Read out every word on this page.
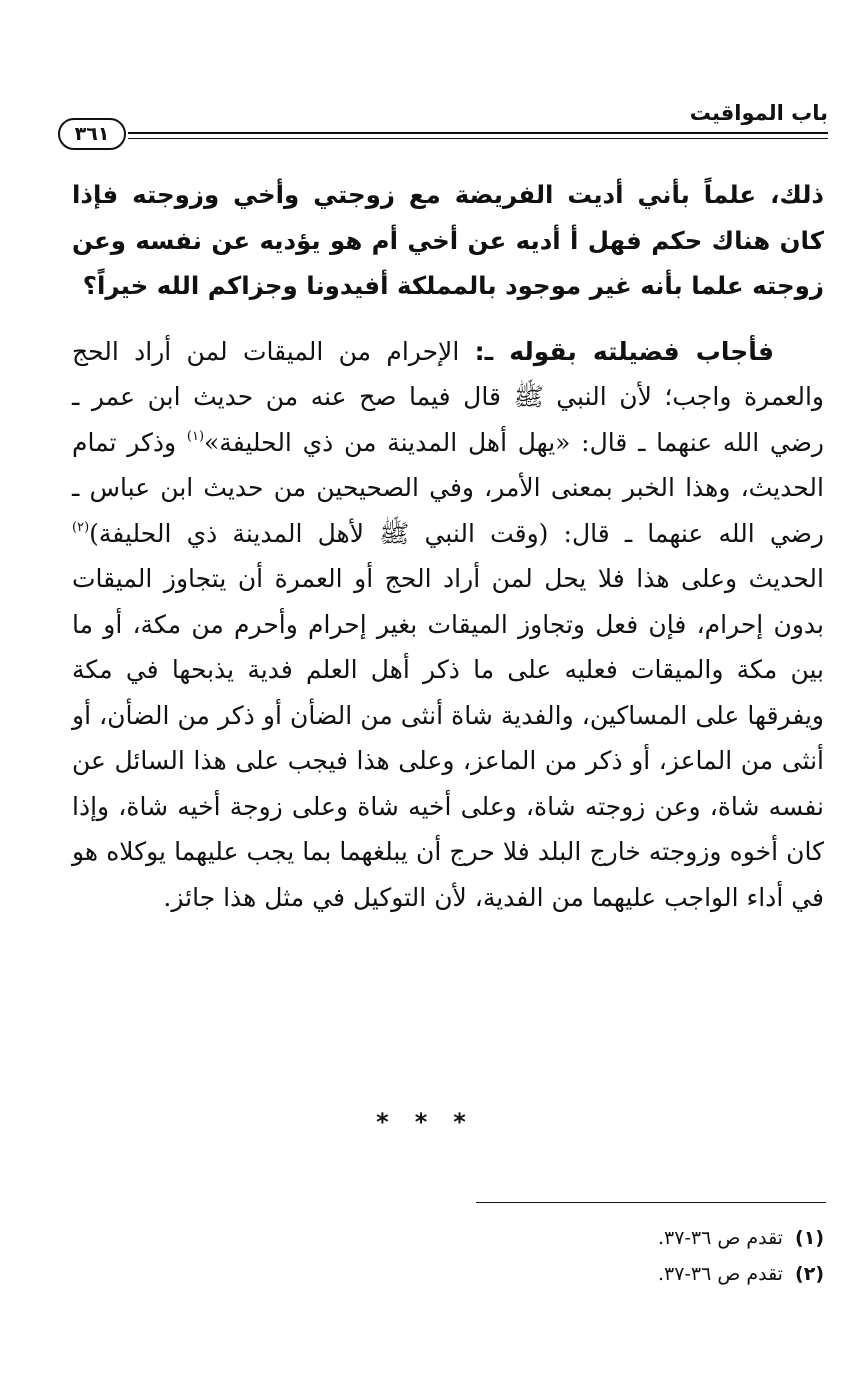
باب المواقيت
٣٦١

ذلك، علماً بأني أديت الفريضة مع زوجتي وأخي وزوجته فإذا كان هناك حكم فهل أ أديه عن أخي أم هو يؤديه عن نفسه وعن زوجته علما بأنه غير موجود بالمملكة أفيدونا وجزاكم الله خيراً؟

فأجاب فضيلته بقوله ـ: الإحرام من الميقات لمن أراد الحج والعمرة واجب؛ لأن النبي ﷺ قال فيما صح عنه من حديث ابن عمر ـ رضي الله عنهما ـ قال: «يهل أهل المدينة من ذي الحليفة»$^{(١)}$ وذكر تمام الحديث، وهذا الخبر بمعنى الأمر، وفي الصحيحين من حديث ابن عباس ـ رضي الله عنهما ـ قال: (وقت النبي ﷺ لأهل المدينة ذي الحليفة)$^{(٢)}$ الحديث وعلى هذا فلا يحل لمن أراد الحج أو العمرة أن يتجاوز الميقات بدون إحرام، فإن فعل وتجاوز الميقات بغير إحرام وأحرم من مكة، أو ما بين مكة والميقات فعليه على ما ذكر أهل العلم فدية يذبحها في مكة ويفرقها على المساكين، والفدية شاة أنثى من الضأن أو ذكر من الضأن، أو أنثى من الماعز، أو ذكر من الماعز، وعلى هذا فيجب على هذا السائل عن نفسه شاة، وعن زوجته شاة، وعلى أخيه شاة وعلى زوجة أخيه شاة، وإذا كان أخوه وزوجته خارج البلد فلا حرج أن يبلغهما بما يجب عليهما يوكلاه هو في أداء الواجب عليهما من الفدية، لأن التوكيل في مثل هذا جائز.

***
(١) تقدم ص ٣٦-٣٧.
(٢) تقدم ص ٣٦-٣٧.
